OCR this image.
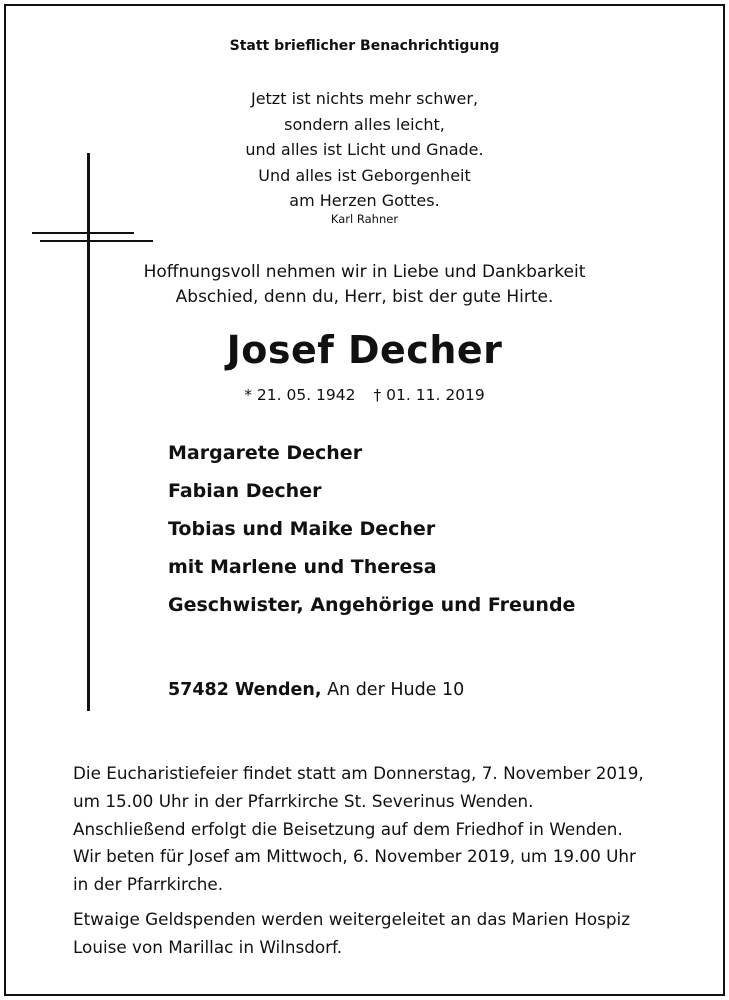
Statt brieflicher Benachrichtigung
Jetzt ist nichts mehr schwer,
sondern alles leicht,
und alles ist Licht und Gnade.
Und alles ist Geborgenheit
am Herzen Gottes.
Karl Rahner
Hoffnungsvoll nehmen wir in Liebe und Dankbarkeit
Abschied, denn du, Herr, bist der gute Hirte.
Josef Decher
* 21. 05. 1942 † 01. 11. 2019
Margarete Decher
Fabian Decher
Tobias und Maike Decher
mit Marlene und Theresa
Geschwister, Angehörige und Freunde
57482 Wenden, An der Hude 10
Die Eucharistiefeier findet statt am Donnerstag, 7. November 2019,
um 15.00 Uhr in der Pfarrkirche St. Severinus Wenden.
Anschließend erfolgt die Beisetzung auf dem Friedhof in Wenden.
Wir beten für Josef am Mittwoch, 6. November 2019, um 19.00 Uhr
in der Pfarrkirche.
Etwaige Geldspenden werden weitergeleitet an das Marien Hospiz
Louise von Marillac in Wilnsdorf.
